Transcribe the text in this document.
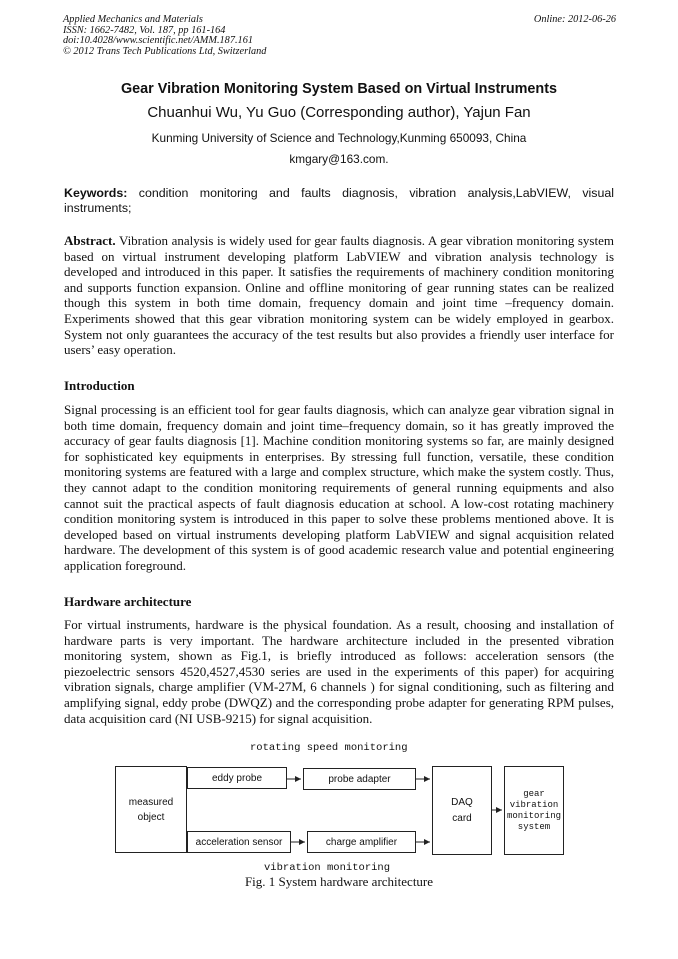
Applied Mechanics and Materials
ISSN: 1662-7482, Vol. 187, pp 161-164
doi:10.4028/www.scientific.net/AMM.187.161
© 2012 Trans Tech Publications Ltd, Switzerland
Online: 2012-06-26
Gear Vibration Monitoring System Based on Virtual Instruments
Chuanhui Wu, Yu Guo (Corresponding author), Yajun Fan
Kunming University of Science and Technology,Kunming 650093, China
kmgary@163.com.
Keywords: condition monitoring and faults diagnosis, vibration analysis,LabVIEW, visual instruments;
Abstract. Vibration analysis is widely used for gear faults diagnosis. A gear vibration monitoring system based on virtual instrument developing platform LabVIEW and vibration analysis technology is developed and introduced in this paper. It satisfies the requirements of machinery condition monitoring and supports function expansion. Online and offline monitoring of gear running states can be realized though this system in both time domain, frequency domain and joint time –frequency domain. Experiments showed that this gear vibration monitoring system can be widely employed in gearbox. System not only guarantees the accuracy of the test results but also provides a friendly user interface for users’ easy operation.
Introduction
Signal processing is an efficient tool for gear faults diagnosis, which can analyze gear vibration signal in both time domain, frequency domain and joint time–frequency domain, so it has greatly improved the accuracy of gear faults diagnosis [1]. Machine condition monitoring systems so far, are mainly designed for sophisticated key equipments in enterprises. By stressing full function, versatile, these condition monitoring systems are featured with a large and complex structure, which make the system costly. Thus, they cannot adapt to the condition monitoring requirements of general running equipments and also cannot suit the practical aspects of fault diagnosis education at school. A low-cost rotating machinery condition monitoring system is introduced in this paper to solve these problems mentioned above. It is developed based on virtual instruments developing platform LabVIEW and signal acquisition related hardware. The development of this system is of good academic research value and potential engineering application foreground.
Hardware architecture
For virtual instruments, hardware is the physical foundation. As a result, choosing and installation of hardware parts is very important. The hardware architecture included in the presented vibration monitoring system, shown as Fig.1, is briefly introduced as follows: acceleration sensors (the piezoelectric sensors 4520,4527,4530 series are used in the experiments of this paper) for acquiring vibration signals, charge amplifier (VM-27M, 6 channels ) for signal conditioning, such as filtering and amplifying signal, eddy probe (DWQZ) and the corresponding probe adapter for generating RPM pulses, data acquisition card (NI USB-9215) for signal acquisition.
rotating speed monitoring
measured object
eddy probe	probe adapter
acceleration sensor	charge amplifier
DAQ card
gear vibration monitoring system
vibration monitoring
Fig. 1 System hardware architecture
